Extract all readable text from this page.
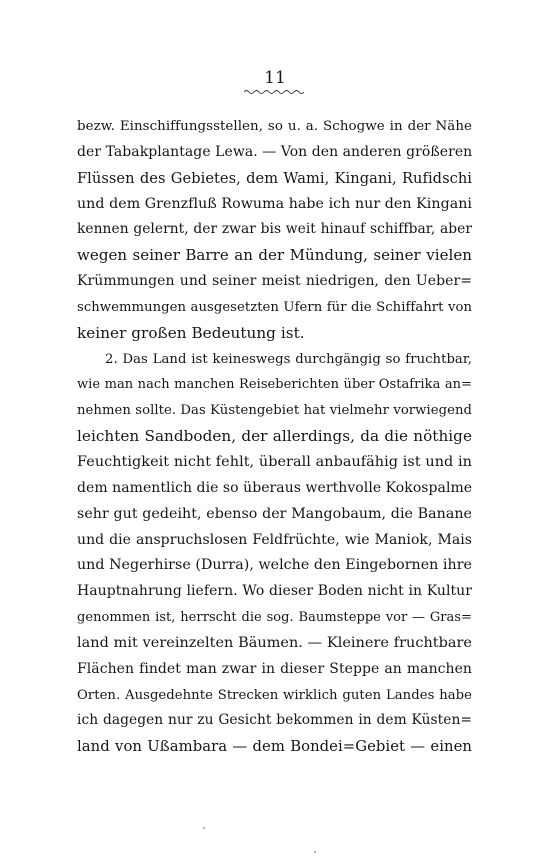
11
bezw. Einschiffungsstellen, so u. a. Schogwe in der Nähe
der Tabakplantage Lewa. — Von den anderen größeren
Flüssen des Gebietes, dem Wami, Kingani, Rufidschi
und dem Grenzfluß Rowuma habe ich nur den Kingani
kennen gelernt, der zwar bis weit hinauf schiffbar, aber
wegen seiner Barre an der Mündung, seiner vielen
Krümmungen und seiner meist niedrigen, den Ueber=
schwemmungen ausgesetzten Ufern für die Schiffahrt von
keiner großen Bedeutung ist.
2. Das Land ist keineswegs durchgängig so fruchtbar,
wie man nach manchen Reiseberichten über Ostafrika an=
nehmen sollte. Das Küstengebiet hat vielmehr vorwiegend
leichten Sandboden, der allerdings, da die nöthige
Feuchtigkeit nicht fehlt, überall anbaufähig ist und in
dem namentlich die so überaus werthvolle Kokospalme
sehr gut gedeiht, ebenso der Mangobaum, die Banane
und die anspruchslosen Feldfrüchte, wie Maniok, Mais
und Negerhirse (Durra), welche den Eingebornen ihre
Hauptnahrung liefern. Wo dieser Boden nicht in Kultur
genommen ist, herrscht die sog. Baumsteppe vor — Gras=
land mit vereinzelten Bäumen. — Kleinere fruchtbare
Flächen findet man zwar in dieser Steppe an manchen
Orten. Ausgedehnte Strecken wirklich guten Landes habe
ich dagegen nur zu Gesicht bekommen in dem Küsten=
land von Ußambara — dem Bondei=Gebiet — einen
